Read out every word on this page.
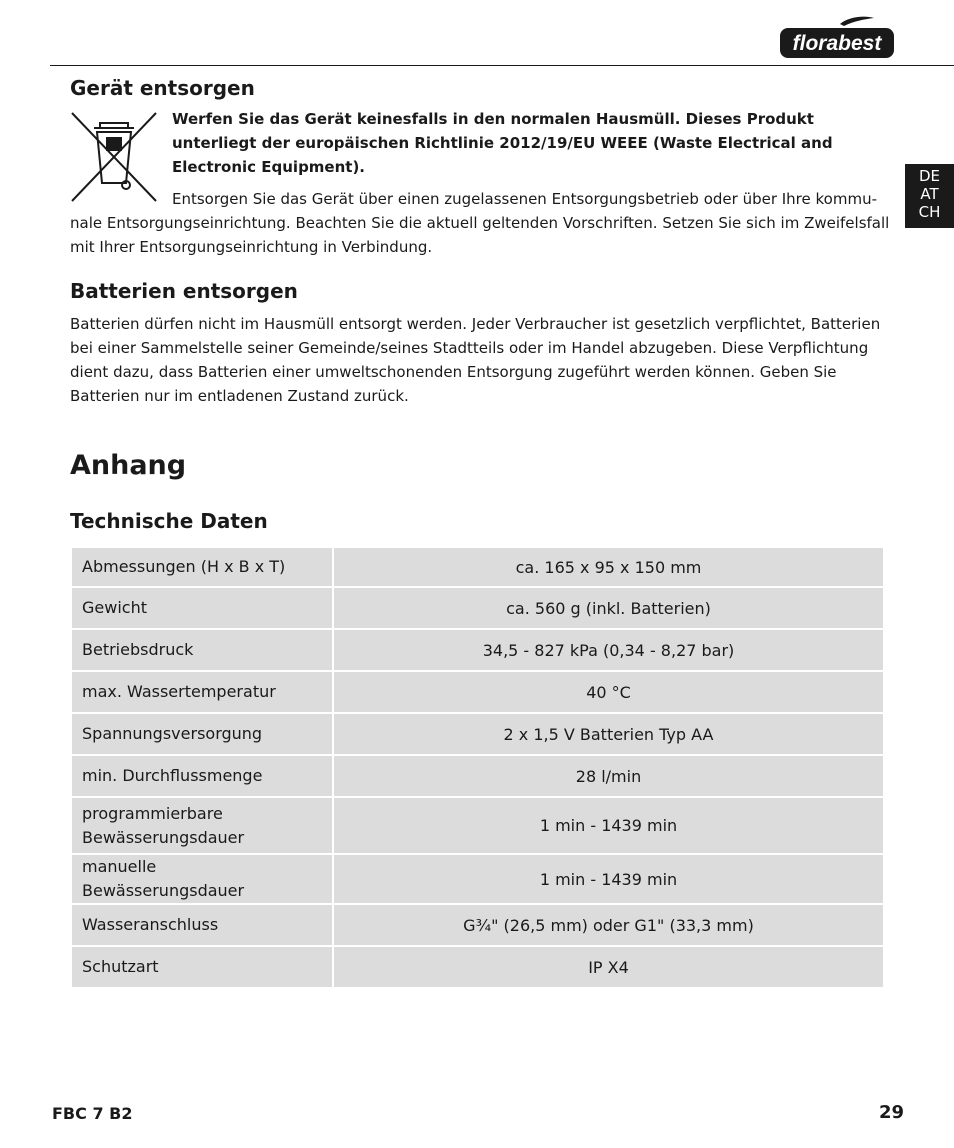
florabest
DE
AT
CH
Gerät entsorgen

Werfen Sie das Gerät keinesfalls in den normalen Hausmüll. Dieses Produkt
unterliegt der europäischen Richtlinie 2012/19/EU WEEE (Waste Electrical and
Electronic Equipment).

Entsorgen Sie das Gerät über einen zugelassenen Entsorgungsbetrieb oder über Ihre kommu-

nale Entsorgungseinrichtung. Beachten Sie die aktuell geltenden Vorschriften. Setzen Sie sich im Zweifelsfall

mit Ihrer Entsorgungseinrichtung in Verbindung.

Batterien entsorgen

Batterien dürfen nicht im Hausmüll entsorgt werden. Jeder Verbraucher ist gesetzlich verpflichtet, Batterien
bei einer Sammelstelle seiner Gemeinde/seines Stadtteils oder im Handel abzugeben. Diese Verpflichtung
dient dazu, dass Batterien einer umweltschonenden Entsorgung zugeführt werden können. Geben Sie
Batterien nur im entladenen Zustand zurück.

Anhang
Technische Daten
Abmessungen (H x B x T)	ca. 165 x 95 x 150 mm
Gewicht	ca. 560 g (inkl. Batterien)
Betriebsdruck	34,5 - 827 kPa (0,34 - 8,27 bar)
max. Wassertemperatur	40 °C
Spannungsversorgung	2 x 1,5 V Batterien Typ AA
min. Durchflussmenge	28 l/min
programmierbare
Bewässerungsdauer	1 min - 1439 min
manuelle Bewässerungsdauer	1 min - 1439 min
Wasseranschluss	G¾" (26,5 mm) oder G1" (33,3 mm)
Schutzart	IP X4
FBC 7 B2	29
